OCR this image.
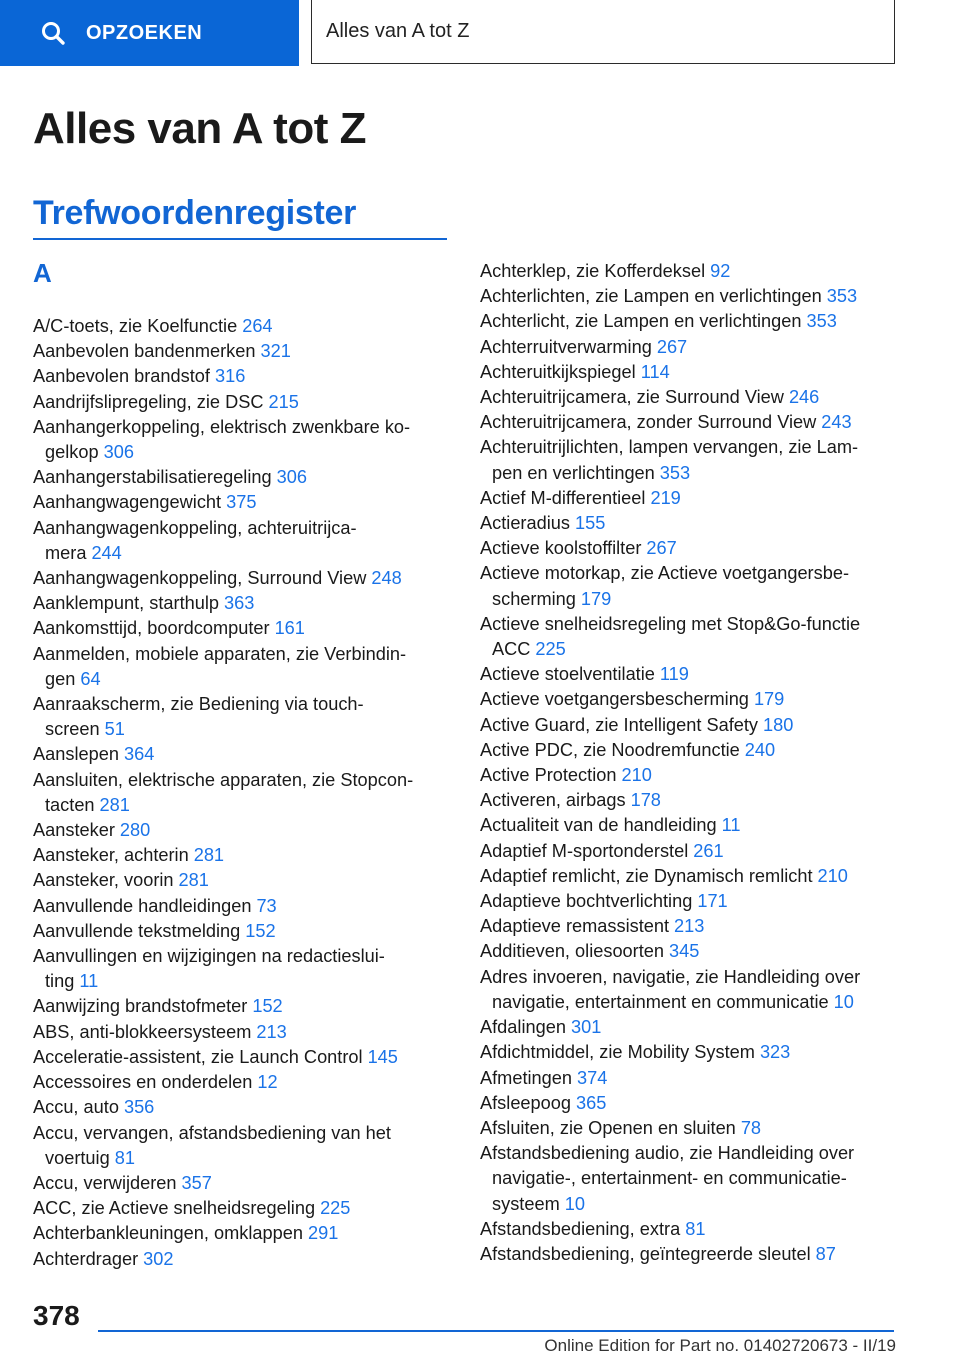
OPZOEKEN	Alles van A tot Z
Alles van A tot Z
Trefwoordenregister
A
A/C-toets, zie Koelfunctie 264
Aanbevolen bandenmerken 321
Aanbevolen brandstof 316
Aandrijfslipregeling, zie DSC 215
Aanhangerkoppeling, elektrisch zwenkbare ko-
gelkop 306
Aanhangerstabilisatieregeling 306
Aanhangwagengewicht 375
Aanhangwagenkoppeling, achteruitrijca-
mera 244
Aanhangwagenkoppeling, Surround View 248
Aanklempunt, starthulp 363
Aankomsttijd, boordcomputer 161
Aanmelden, mobiele apparaten, zie Verbindin-
gen 64
Aanraakscherm, zie Bediening via touch-
screen 51
Aanslepen 364
Aansluiten, elektrische apparaten, zie Stopcon-
tacten 281
Aansteker 280
Aansteker, achterin 281
Aansteker, voorin 281
Aanvullende handleidingen 73
Aanvullende tekstmelding 152
Aanvullingen en wijzigingen na redactieslui-
ting 11
Aanwijzing brandstofmeter 152
ABS, anti-blokkeersysteem 213
Acceleratie-assistent, zie Launch Control 145
Accessoires en onderdelen 12
Accu, auto 356
Accu, vervangen, afstandsbediening van het
voertuig 81
Accu, verwijderen 357
ACC, zie Actieve snelheidsregeling 225
Achterbankleuningen, omklappen 291
Achterdrager 302
Achterklep, zie Kofferdeksel 92
Achterlichten, zie Lampen en verlichtingen 353
Achterlicht, zie Lampen en verlichtingen 353
Achterruitverwarming 267
Achteruitkijkspiegel 114
Achteruitrijcamera, zie Surround View 246
Achteruitrijcamera, zonder Surround View 243
Achteruitrijlichten, lampen vervangen, zie Lam-
pen en verlichtingen 353
Actief M-differentieel 219
Actieradius 155
Actieve koolstoffilter 267
Actieve motorkap, zie Actieve voetgangersbe-
scherming 179
Actieve snelheidsregeling met Stop&Go-functie
ACC 225
Actieve stoelventilatie 119
Actieve voetgangersbescherming 179
Active Guard, zie Intelligent Safety 180
Active PDC, zie Noodremfunctie 240
Active Protection 210
Activeren, airbags 178
Actualiteit van de handleiding 11
Adaptief M-sportonderstel 261
Adaptief remlicht, zie Dynamisch remlicht 210
Adaptieve bochtverlichting 171
Adaptieve remassistent 213
Additieven, oliesoorten 345
Adres invoeren, navigatie, zie Handleiding over
navigatie, entertainment en communicatie 10
Afdalingen 301
Afdichtmiddel, zie Mobility System 323
Afmetingen 374
Afsleepoog 365
Afsluiten, zie Openen en sluiten 78
Afstandsbediening audio, zie Handleiding over
navigatie-, entertainment- en communicatie-
systeem 10
Afstandsbediening, extra 81
Afstandsbediening, geïntegreerde sleutel 87
378
Online Edition for Part no. 01402720673 - II/19
